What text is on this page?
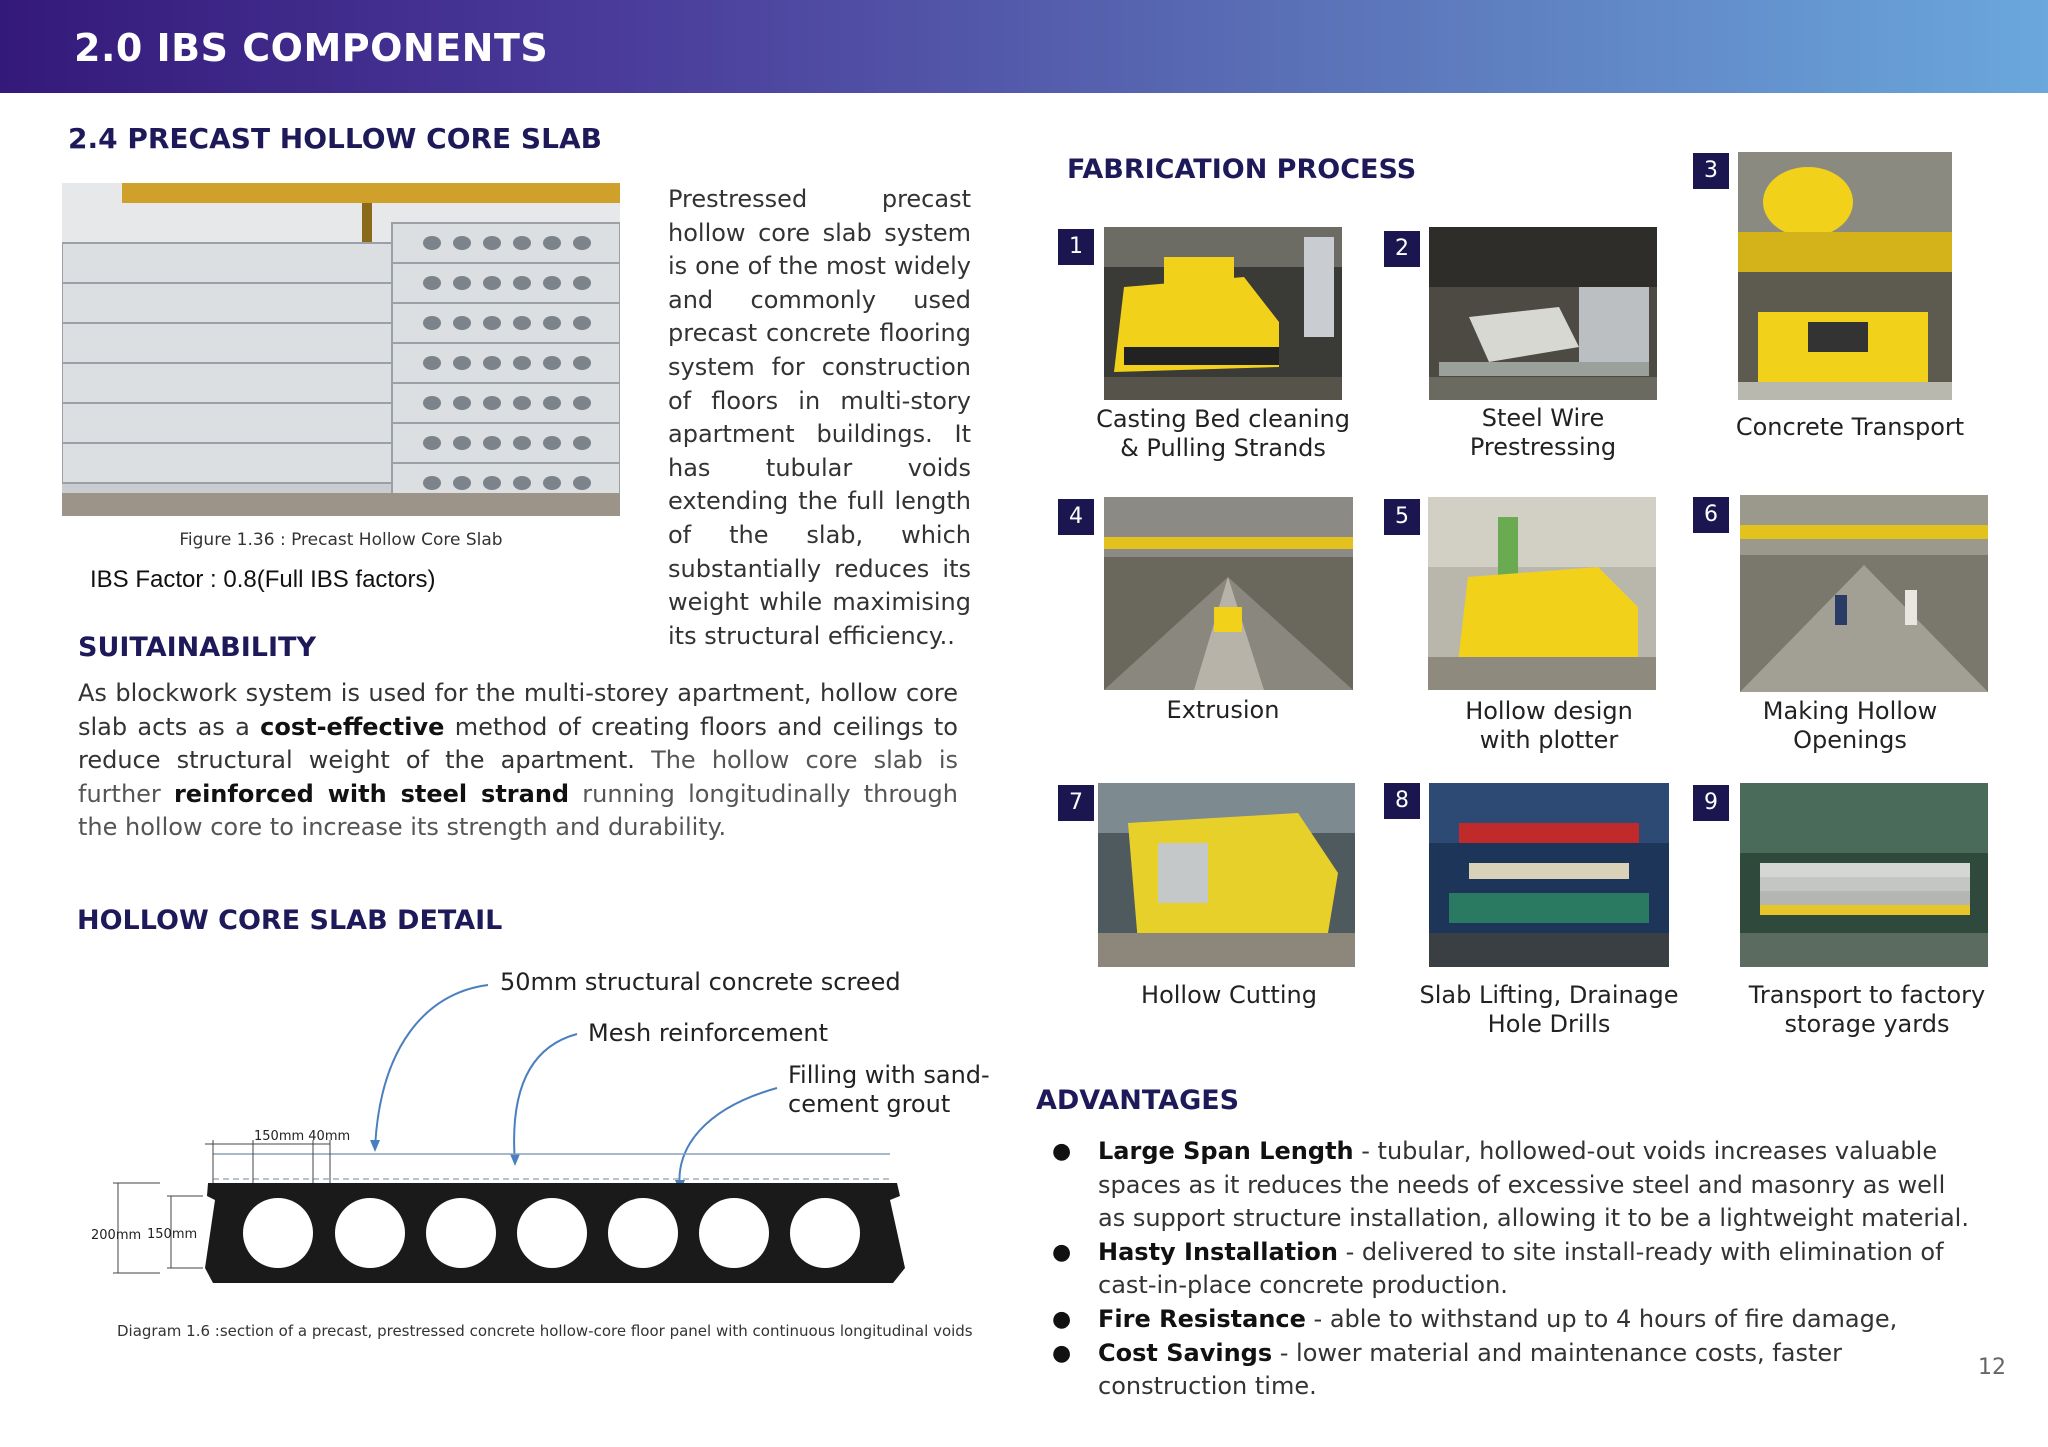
2.0 IBS COMPONENTS
2.4 PRECAST HOLLOW CORE SLAB
Figure 1.36 : Precast Hollow Core Slab
IBS Factor : 0.8(Full IBS factors)
Prestressed precast hollow core slab system is one of the most widely and commonly used precast concrete flooring system for construction of floors in multi-story apartment buildings. It has tubular voids extending the full length of the slab, which substantially reduces its weight while maximising its structural efficiency..
SUITAINABILITY
As blockwork system is used for the multi-storey apartment, hollow core slab acts as a cost-effective method of creating floors and ceilings to reduce structural weight of the apartment. The hollow core slab is further reinforced with steel strand running longitudinally through the hollow core to increase its strength and durability.
HOLLOW CORE SLAB DETAIL
50mm structural concrete screed
Mesh reinforcement
Filling with sand-
cement grout
150mm 40mm
200mm 150mm
Diagram 1.6 :section of a precast, prestressed concrete hollow-core floor panel with continuous longitudinal voids
FABRICATION PROCESS
1
Casting Bed cleaning
& Pulling Strands
2
Steel Wire
Prestressing
3
Concrete Transport
4
Extrusion
5
Hollow design
with plotter
6
Making Hollow
Openings
7
Hollow Cutting
8
Slab Lifting, Drainage
Hole Drills
9
Transport to factory
storage yards
ADVANTAGES
● Large Span Length - tubular, hollowed-out voids increases valuable spaces as it reduces the needs of excessive steel and masonry as well as support structure installation, allowing it to be a lightweight material.
● Hasty Installation - delivered to site install-ready with elimination of cast-in-place concrete production.
● Fire Resistance - able to withstand up to 4 hours of fire damage,
● Cost Savings - lower material and maintenance costs, faster construction time.
12
